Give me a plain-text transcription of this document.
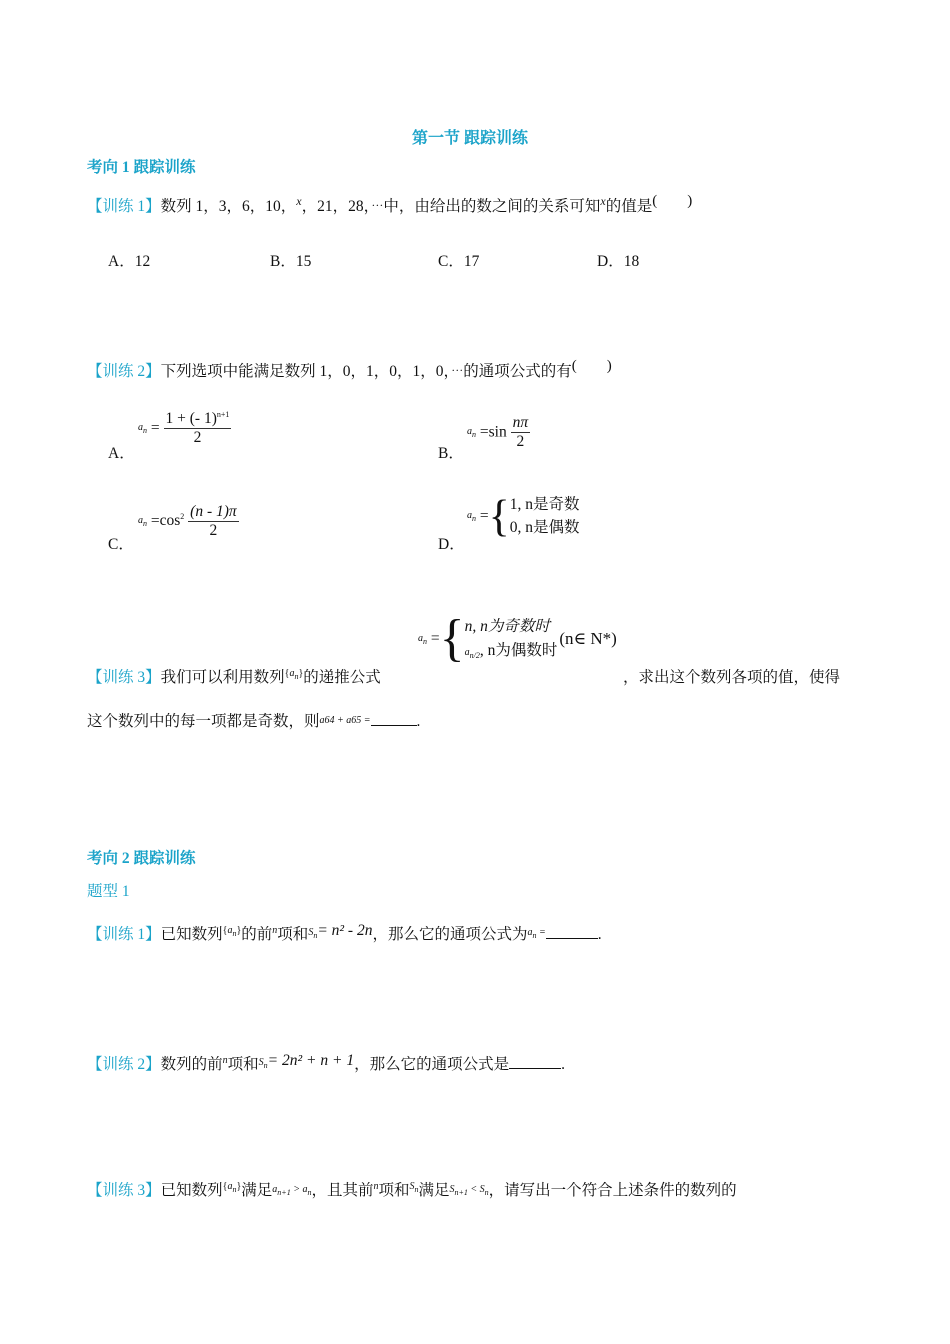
第一节 跟踪训练
考向 1 跟踪训练
【训练 1】数列 1，3，6，10，$^x$，21，28，···中，由给出的数之间的关系可知$^x$的值是(        )
A．12	B．15	C．17	D．18
【训练 2】下列选项中能满足数列 1，0，1，0，1，0，···的通项公式的有(        )
A．
$a_n = \frac{1 + (- 1)^{n+1}}{2}$
B．
$a_n =\sin \frac{n\pi}{2}$
C．
$a_n =\cos^2 \frac{(n - 1)\pi}{2}$
D．
$a_n$ ={ 1, n是奇数
0, n是偶数
【训练 3】我们可以利用数列$^{\{a_n\}}$的递推公式
$a_n$ ={ n, n为奇数时
$a_{n/2}$, n为偶数时
(n∈ N*)
，求出这个数列各项的值，使得
这个数列中的每一项都是奇数，则a64 + a65 =	.
考向 2 跟踪训练
题型 1
【训练 1】已知数列$^{\{a_n\}}$的前$^n$项和$^{S_n}$= n² - 2n，那么它的通项公式为$^{a_n =}$	.
【训练 2】数列的前$^n$项和$^{S_n}$= 2n² + n + 1，那么它的通项公式是	.
【训练 3】已知数列$^{\{a_n\}}$满足$a_{n+1} > a_n$，且其前$^n$项和$^{S_n}$满足$S_{n+1} < S_n$，请写出一个符合上述条件的数列的
